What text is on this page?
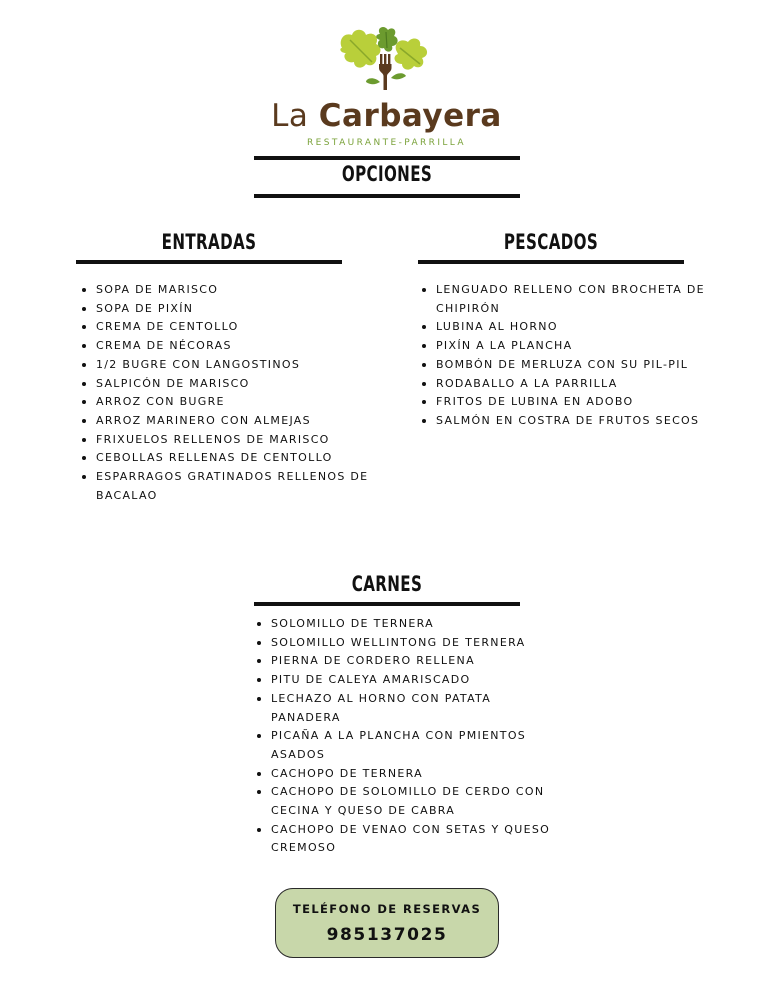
La Carbayera
RESTAURANTE-PARRILLA
OPCIONES
ENTRADAS
SOPA DE MARISCO
SOPA DE PIXÍN
CREMA DE CENTOLLO
CREMA DE NÉCORAS
1/2 BUGRE CON LANGOSTINOS
SALPICÓN DE MARISCO
ARROZ CON BUGRE
ARROZ MARINERO CON ALMEJAS
FRIXUELOS RELLENOS DE MARISCO
CEBOLLAS RELLENAS DE CENTOLLO
ESPARRAGOS GRATINADOS RELLENOS DE BACALAO
PESCADOS
LENGUADO RELLENO CON BROCHETA DE CHIPIRÓN
LUBINA AL HORNO
PIXÍN A LA PLANCHA
BOMBÓN DE MERLUZA CON SU PIL-PIL
RODABALLO A LA PARRILLA
FRITOS DE LUBINA EN ADOBO
SALMÓN EN COSTRA DE FRUTOS SECOS
CARNES
SOLOMILLO DE TERNERA
SOLOMILLO WELLINTONG DE TERNERA
PIERNA DE CORDERO RELLENA
PITU DE CALEYA AMARISCADO
LECHAZO AL HORNO CON PATATA PANADERA
PICAÑA A LA PLANCHA CON PMIENTOS ASADOS
CACHOPO DE TERNERA
CACHOPO DE SOLOMILLO DE CERDO CON CECINA Y QUESO DE CABRA
CACHOPO DE VENAO CON SETAS Y QUESO CREMOSO
TELÉFONO DE RESERVAS
985137025
